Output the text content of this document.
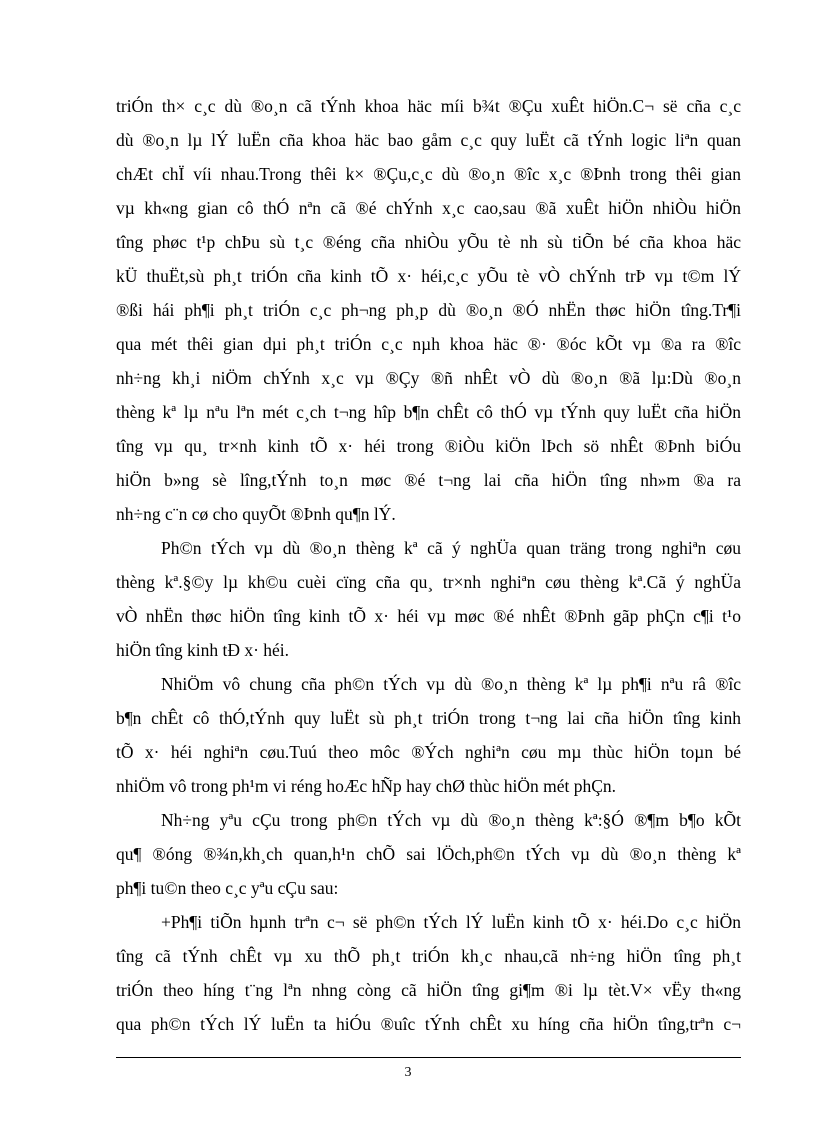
triÓn th× c¸c dù ®o¸n cã tÝnh khoa häc míi b¾t ®Çu xuÊt hiÖn.C¬ së cña c¸c
dù ®o¸n lµ lÝ luËn cña khoa häc bao gåm c¸c quy luËt cã tÝnh logic liªn quan
chÆt chÏ víi nhau.Trong thêi k× ®Çu,c¸c dù ®o¸n ®îc x¸c ®Þnh trong thêi gian
vµ kh«ng gian cô thÓ nªn cã ®é chÝnh x¸c cao,sau ®ã xuÊt hiÖn nhiÒu hiÖn
tîng phøc t¹p chÞu sù t¸c ®éng cña nhiÒu yÕu tè nh sù tiÕn bé cña khoa häc
kÜ thuËt,sù ph¸t triÓn cña kinh tÕ x· héi,c¸c yÕu tè vÒ chÝnh trÞ vµ t©m lÝ
®ßi hái ph¶i ph¸t triÓn c¸c ph¬ng ph¸p dù ®o¸n ®Ó nhËn thøc hiÖn tîng.Tr¶i
qua mét thêi gian dµi ph¸t triÓn c¸c nµh khoa häc ®· ®óc kÕt vµ ®a ra ®îc
nh÷ng kh¸i niÖm chÝnh x¸c vµ ®Çy ®ñ nhÊt vÒ dù ®o¸n ®ã lµ:Dù ®o¸n
thèng kª lµ nªu lªn mét c¸ch t¬ng hîp b¶n chÊt cô thÓ vµ tÝnh quy luËt cña hiÖn
tîng vµ qu¸ tr×nh kinh tÕ x· héi trong ®iÒu kiÖn lÞch sö nhÊt ®Þnh biÓu
hiÖn b»ng sè lîng,tÝnh to¸n møc ®é t¬ng lai cña hiÖn tîng nh»m ®a ra
nh÷ng c¨n cø cho quyÕt ®Þnh qu¶n lÝ.
Ph©n tÝch vµ dù ®o¸n thèng kª cã ý nghÜa quan träng trong nghiªn cøu
thèng kª.§©y lµ kh©u cuèi cïng cña qu¸ tr×nh nghiªn cøu thèng kª.Cã ý nghÜa
vÒ nhËn thøc hiÖn tîng kinh tÕ x· héi vµ møc ®é nhÊt ®Þnh gãp phÇn c¶i t¹o
hiÖn tîng kinh tÐ x· héi.
NhiÖm vô chung cña ph©n tÝch vµ dù ®o¸n thèng kª lµ ph¶i nªu râ ®îc
b¶n chÊt cô thÓ,tÝnh quy luËt sù ph¸t triÓn trong t¬ng lai cña hiÖn tîng kinh
tÕ x· héi nghiªn cøu.Tuú theo môc ®Ých nghiªn cøu mµ thùc hiÖn toµn bé
nhiÖm vô trong ph¹m vi réng hoÆc hÑp hay chØ thùc hiÖn mét phÇn.
Nh÷ng yªu cÇu trong ph©n tÝch vµ dù ®o¸n thèng kª:§Ó ®¶m b¶o kÕt
qu¶ ®óng ®¾n,kh¸ch quan,h¹n chÕ sai lÖch,ph©n tÝch vµ dù ®o¸n thèng kª
ph¶i tu©n theo c¸c yªu cÇu sau:
+Ph¶i tiÕn hµnh trªn c¬ së ph©n tÝch lÝ luËn kinh tÕ x· héi.Do c¸c hiÖn
tîng cã tÝnh chÊt vµ xu thÕ ph¸t triÓn kh¸c nhau,cã nh÷ng hiÖn tîng ph¸t
triÓn theo híng t¨ng lªn nhng còng cã hiÖn tîng gi¶m ®i lµ tèt.V× vËy th«ng
qua ph©n tÝch lÝ luËn ta hiÓu ®uîc tÝnh chÊt xu híng cña hiÖn tîng,trªn c¬
3
